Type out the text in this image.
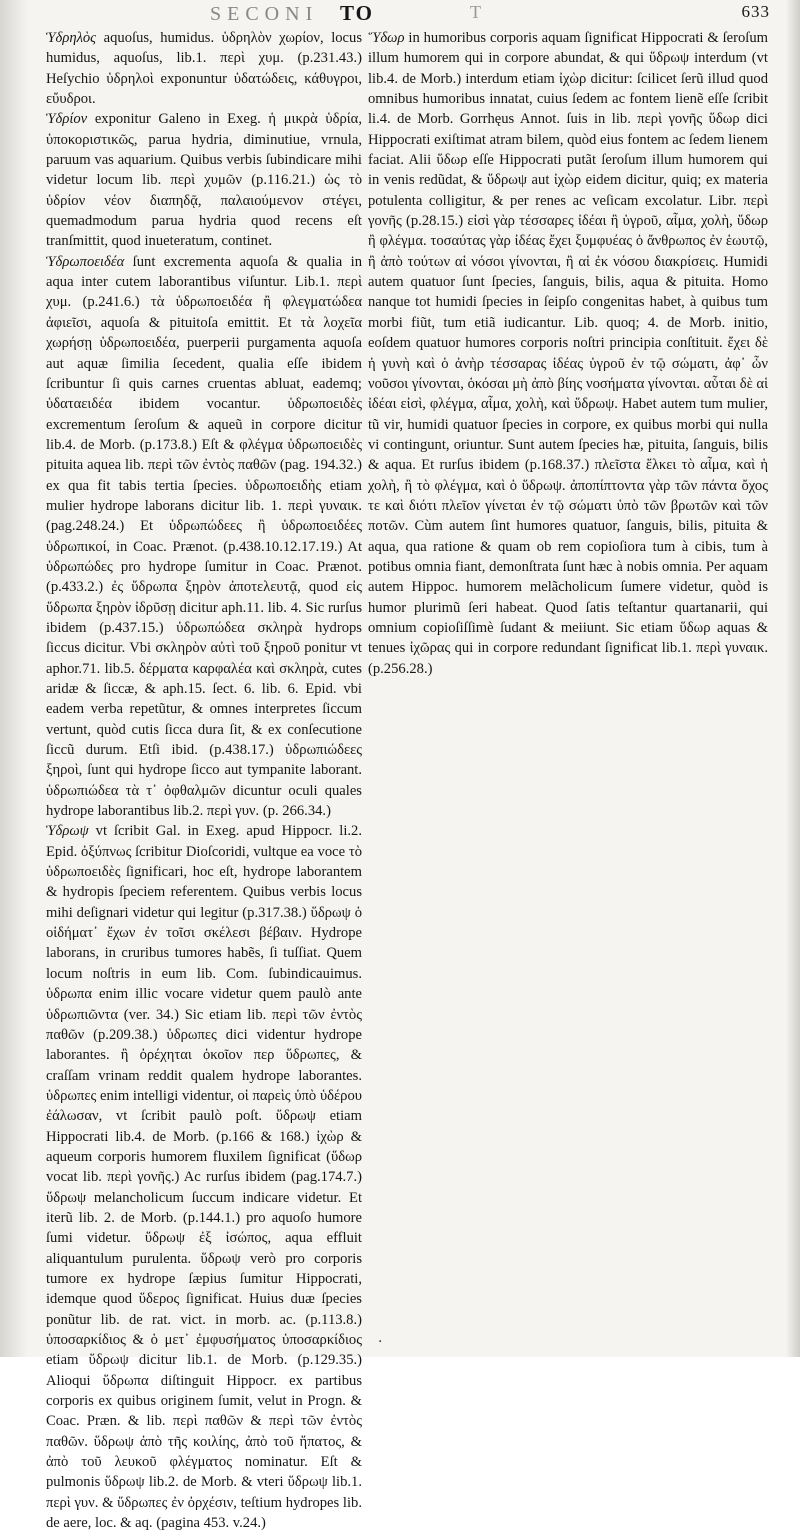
SECONI TO	T	633

Ὑδρηλὸς aquoſus, humidus. ὑδρηλὸν χωρίον, locus humidus, aquoſus, lib.1. περὶ χυμ. (p.231.43.) Heſychio ὑδρηλοὶ exponuntur ὑδατώδεις, κάθυγροι, εὔυδροι.

Ὑδρίον exponitur Galeno in Exeg. ἡ μικρὰ ὑδρία, ὑποκοριστικῶς, parua hydria, diminutiue, vrnula, paruum vas aquarium. Quibus verbis ſubindicare mihi videtur locum lib. περὶ χυμῶν (p.116.21.) ὡς τὸ ὑδρίον νέον διαπηδᾷ, παλαιούμενον στέγει, quemadmodum parua hydria quod recens eſt tranſmittit, quod inueteratum, continet.

Ὑδρωποειδέα ſunt excrementa aquoſa & qualia in aqua inter cutem laborantibus viſuntur. Lib.1. περὶ χυμ. (p.241.6.) τὰ ὑδρωποειδέα ἢ φλεγματώδεα ἀφιεῖσι, aquoſa & pituitoſa emittit. Et τὰ λοχεῖα χωρήσῃ ὑδρωποειδέα, puerperii purgamenta aquoſa aut aquæ ſimilia ſecedent, qualia eſſe ibidem ſcribuntur ſi quis carnes cruentas abluat, eademq; ὑδαταειδέα ibidem vocantur. ὑδρωποειδὲς excrementum ſeroſum & aqueũ in corpore dicitur lib.4. de Morb. (p.173.8.) Eſt & φλέγμα ὑδρωποειδὲς pituita aquea lib. περὶ τῶν ἐντὸς παθῶν (pag. 194.32.) ex qua fit tabis tertia ſpecies. ὑδρωποειδὴς etiam mulier hydrope laborans dicitur lib. 1. περὶ γυναικ. (pag.248.24.) Et ὑδρωπώδεες ἢ ὑδρωποειδέες ὑδρωπικοί, in Coac. Prænot. (p.438.10.12.17.19.) At ὑδρωπώδες pro hydrope ſumitur in Coac. Prænot. (p.433.2.) ἐς ὕδρωπα ξηρὸν ἀποτελευτᾷ, quod εἰς ὕδρωπα ξηρὸν ἰδρῦσῃ dicitur aph.11. lib. 4. Sic rurſus ibidem (p.437.15.) ὑδρωπώδεα σκληρὰ hydrops ſiccus dicitur. Vbi σκληρὸν αὐτὶ τοῦ ξηροῦ ponitur vt aphor.71. lib.5. δέρματα καρφαλέα καὶ σκληρὰ, cutes aridæ & ſiccæ, & aph.15. ſect. 6. lib. 6. Epid. vbi eadem verba repetũtur, & omnes interpretes ſiccum vertunt, quòd cutis ſicca dura ſit, & ex conſecutione ſiccũ durum. Etſi ibid. (p.438.17.) ὑδρωπιώδεες ξηροὶ, ſunt qui hydrope ſicco aut tympanite laborant. ὑδρωπιώδεα τὰ τ᾽ ὀφθαλμῶν dicuntur oculi quales hydrope laborantibus lib.2. περὶ γυν. (p. 266.34.)

Ὑδρωψ vt ſcribit Gal. in Exeg. apud Hippocr. li.2. Epid. ὀξύπνως ſcribitur Dioſcoridi, vultque ea voce τὸ ὑδρωποειδὲς ſignificari, hoc eſt, hydrope laborantem & hydropis ſpeciem referentem. Quibus verbis locus mihi deſignari videtur qui legitur (p.317.38.) ὕδρωψ ὁ οἰδήματ᾽ ἔχων ἐν τοῖσι σκέλεσι βέβαιν. Hydrope laborans, in cruribus tumores habẽs, ſi tuſſiat. Quem locum noſtris in eum lib. Com. ſubindicauimus. ὑδρωπα enim illic vocare videtur quem paulò ante ὑδρωπιῶντα (ver. 34.) Sic etiam lib. περὶ τῶν ἐντὸς παθῶν (p.209.38.) ὑδρωπες dici videntur hydrope laborantes. ἢ ὀρέχηται ὁκοῖον περ ὕδρωπες, & craſſam vrinam reddit qualem hydrope laborantes. ὑδρωπες enim intelligi videntur, οἱ παρεὶς ὑπὸ ὑδέρου ἐάλωσαν, vt ſcribit paulò poſt. ὕδρωψ etiam Hippocrati lib.4. de Morb. (p.166 & 168.) ἰχὼρ & aqueum corporis humorem fluxilem ſignificat (ὕδωρ vocat lib. περὶ γονῆς.) Ac rurſus ibidem (pag.174.7.) ὕδρωψ melancholicum ſuccum indicare videtur. Et iterũ lib. 2. de Morb. (p.144.1.) pro aquoſo humore ſumi videtur. ὕδρωψ ἐξ ἰσώπος, aqua effluit aliquantulum purulenta. ὕδρωψ verò pro corporis tumore ex hydrope ſæpius ſumitur Hippocrati, idemque quod ὕδερος ſignificat. Huius duæ ſpecies ponũtur lib. de rat. vict. in morb. ac. (p.113.8.) ὑποσαρκίδιος & ὁ μετ᾽ ἐμφυσήματος ὑποσαρκίδιος etiam ὕδρωψ dicitur lib.1. de Morb. (p.129.35.) Alioqui ὕδρωπα diſtinguit Hippocr. ex partibus corporis ex quibus originem ſumit, velut in Progn. & Coac. Præn. & lib. περὶ παθῶν & περὶ τῶν ἐντὸς παθῶν. ὕδρωψ ἀπὸ τῆς κοιλίης, ἀπὸ τοῦ ἥπατος, & ἀπὸ τοῦ λευκοῦ φλέγματος nominatur. Eſt & pulmonis ὕδρωψ lib.2. de Morb. & vteri ὕδρωψ lib.1. περὶ γυν. & ὕδρωπες ἐν ὀρχέσιν, teſtium hydropes lib. de aere, loc. & aq. (pagina 453. v.24.)

Ὕδωρ in humoribus corporis aquam ſignificat Hippocrati & ſeroſum illum humorem qui in corpore abundat, & qui ὕδρωψ interdum (vt lib.4. de Morb.) interdum etiam ἰχὼρ dicitur: ſcilicet ſerũ illud quod omnibus humoribus innatat, cuius ſedem ac fontem lienẽ eſſe ſcribit li.4. de Morb. Gorrhęus Annot. ſuis in lib. περὶ γονῆς ὕδωρ dici Hippocrati exiſtimat atram bilem, quòd eius fontem ac ſedem lienem faciat. Alii ὕδωρ eſſe Hippocrati putãt ſeroſum illum humorem qui in venis redũdat, & ὕδρωψ aut ἰχὼρ eidem dicitur, quiq; ex materia potulenta colligitur, & per renes ac veſicam excolatur. Libr. περὶ γονῆς (p.28.15.) εἰσὶ γὰρ τέσσαρες ἰδέαι ἢ ὑγροῦ, αἷμα, χολὴ, ὕδωρ ἢ φλέγμα. τοσαύτας γὰρ ἰδέας ἔχει ξυμφυέας ὁ ἄνθρωπος ἐν ἑωυτῷ, ἢ ἀπὸ τούτων αἱ νόσοι γίνονται, ἢ αἱ ἐκ νόσου διακρίσεις. Humidi autem quatuor ſunt ſpecies, ſanguis, bilis, aqua & pituita. Homo nanque tot humidi ſpecies in ſeipſo congenitas habet, à quibus tum morbi fiũt, tum etiã iudicantur. Lib. quoq; 4. de Morb. initio, eoſdem quatuor humores corporis noſtri principia conſtituit. ἔχει δὲ ἡ γυνὴ καὶ ὁ ἀνὴρ τέσσαρας ἰδέας ὑγροῦ ἐν τῷ σώματι, ἀφ᾽ ὧν νοῦσοι γίνονται, ὁκόσαι μὴ ἀπὸ βίης νοσήματα γίνονται. αὗται δὲ αἱ ἰδέαι εἰσὶ, φλέγμα, αἷμα, χολὴ, καὶ ὕδρωψ. Habet autem tum mulier, tũ vir, humidi quatuor ſpecies in corpore, ex quibus morbi qui nulla vi contingunt, oriuntur. Sunt autem ſpecies hæ, pituita, ſanguis, bilis & aqua. Et rurſus ibidem (p.168.37.) πλεῖστα ἕλκει τὸ αἷμα, καὶ ἡ χολὴ, ἢ τὸ φλέγμα, καὶ ὁ ὕδρωψ. ἀποπίπτοντα γὰρ τῶν πάντα ὄχος τε καὶ διότι πλεῖον γίνεται ἐν τῷ σώματι ὑπὸ τῶν βρωτῶν καὶ τῶν ποτῶν. Cùm autem ſint humores quatuor, ſanguis, bilis, pituita & aqua, qua ratione & quam ob rem copioſiora tum à cibis, tum à potibus omnia fiant, demonſtrata ſunt hæc à nobis omnia. Per aquam autem Hippoc. humorem melãcholicum ſumere videtur, quòd is humor plurimũ ſeri habeat. Quod ſatis teſtantur quartanarii, qui omnium copioſiſſimè ſudant & meiiunt. Sic etiam ὕδωρ aquas & tenues ἰχῶρας qui in corpore redundant ſignificat lib.1. περὶ γυναικ. (p.256.28.)

·
